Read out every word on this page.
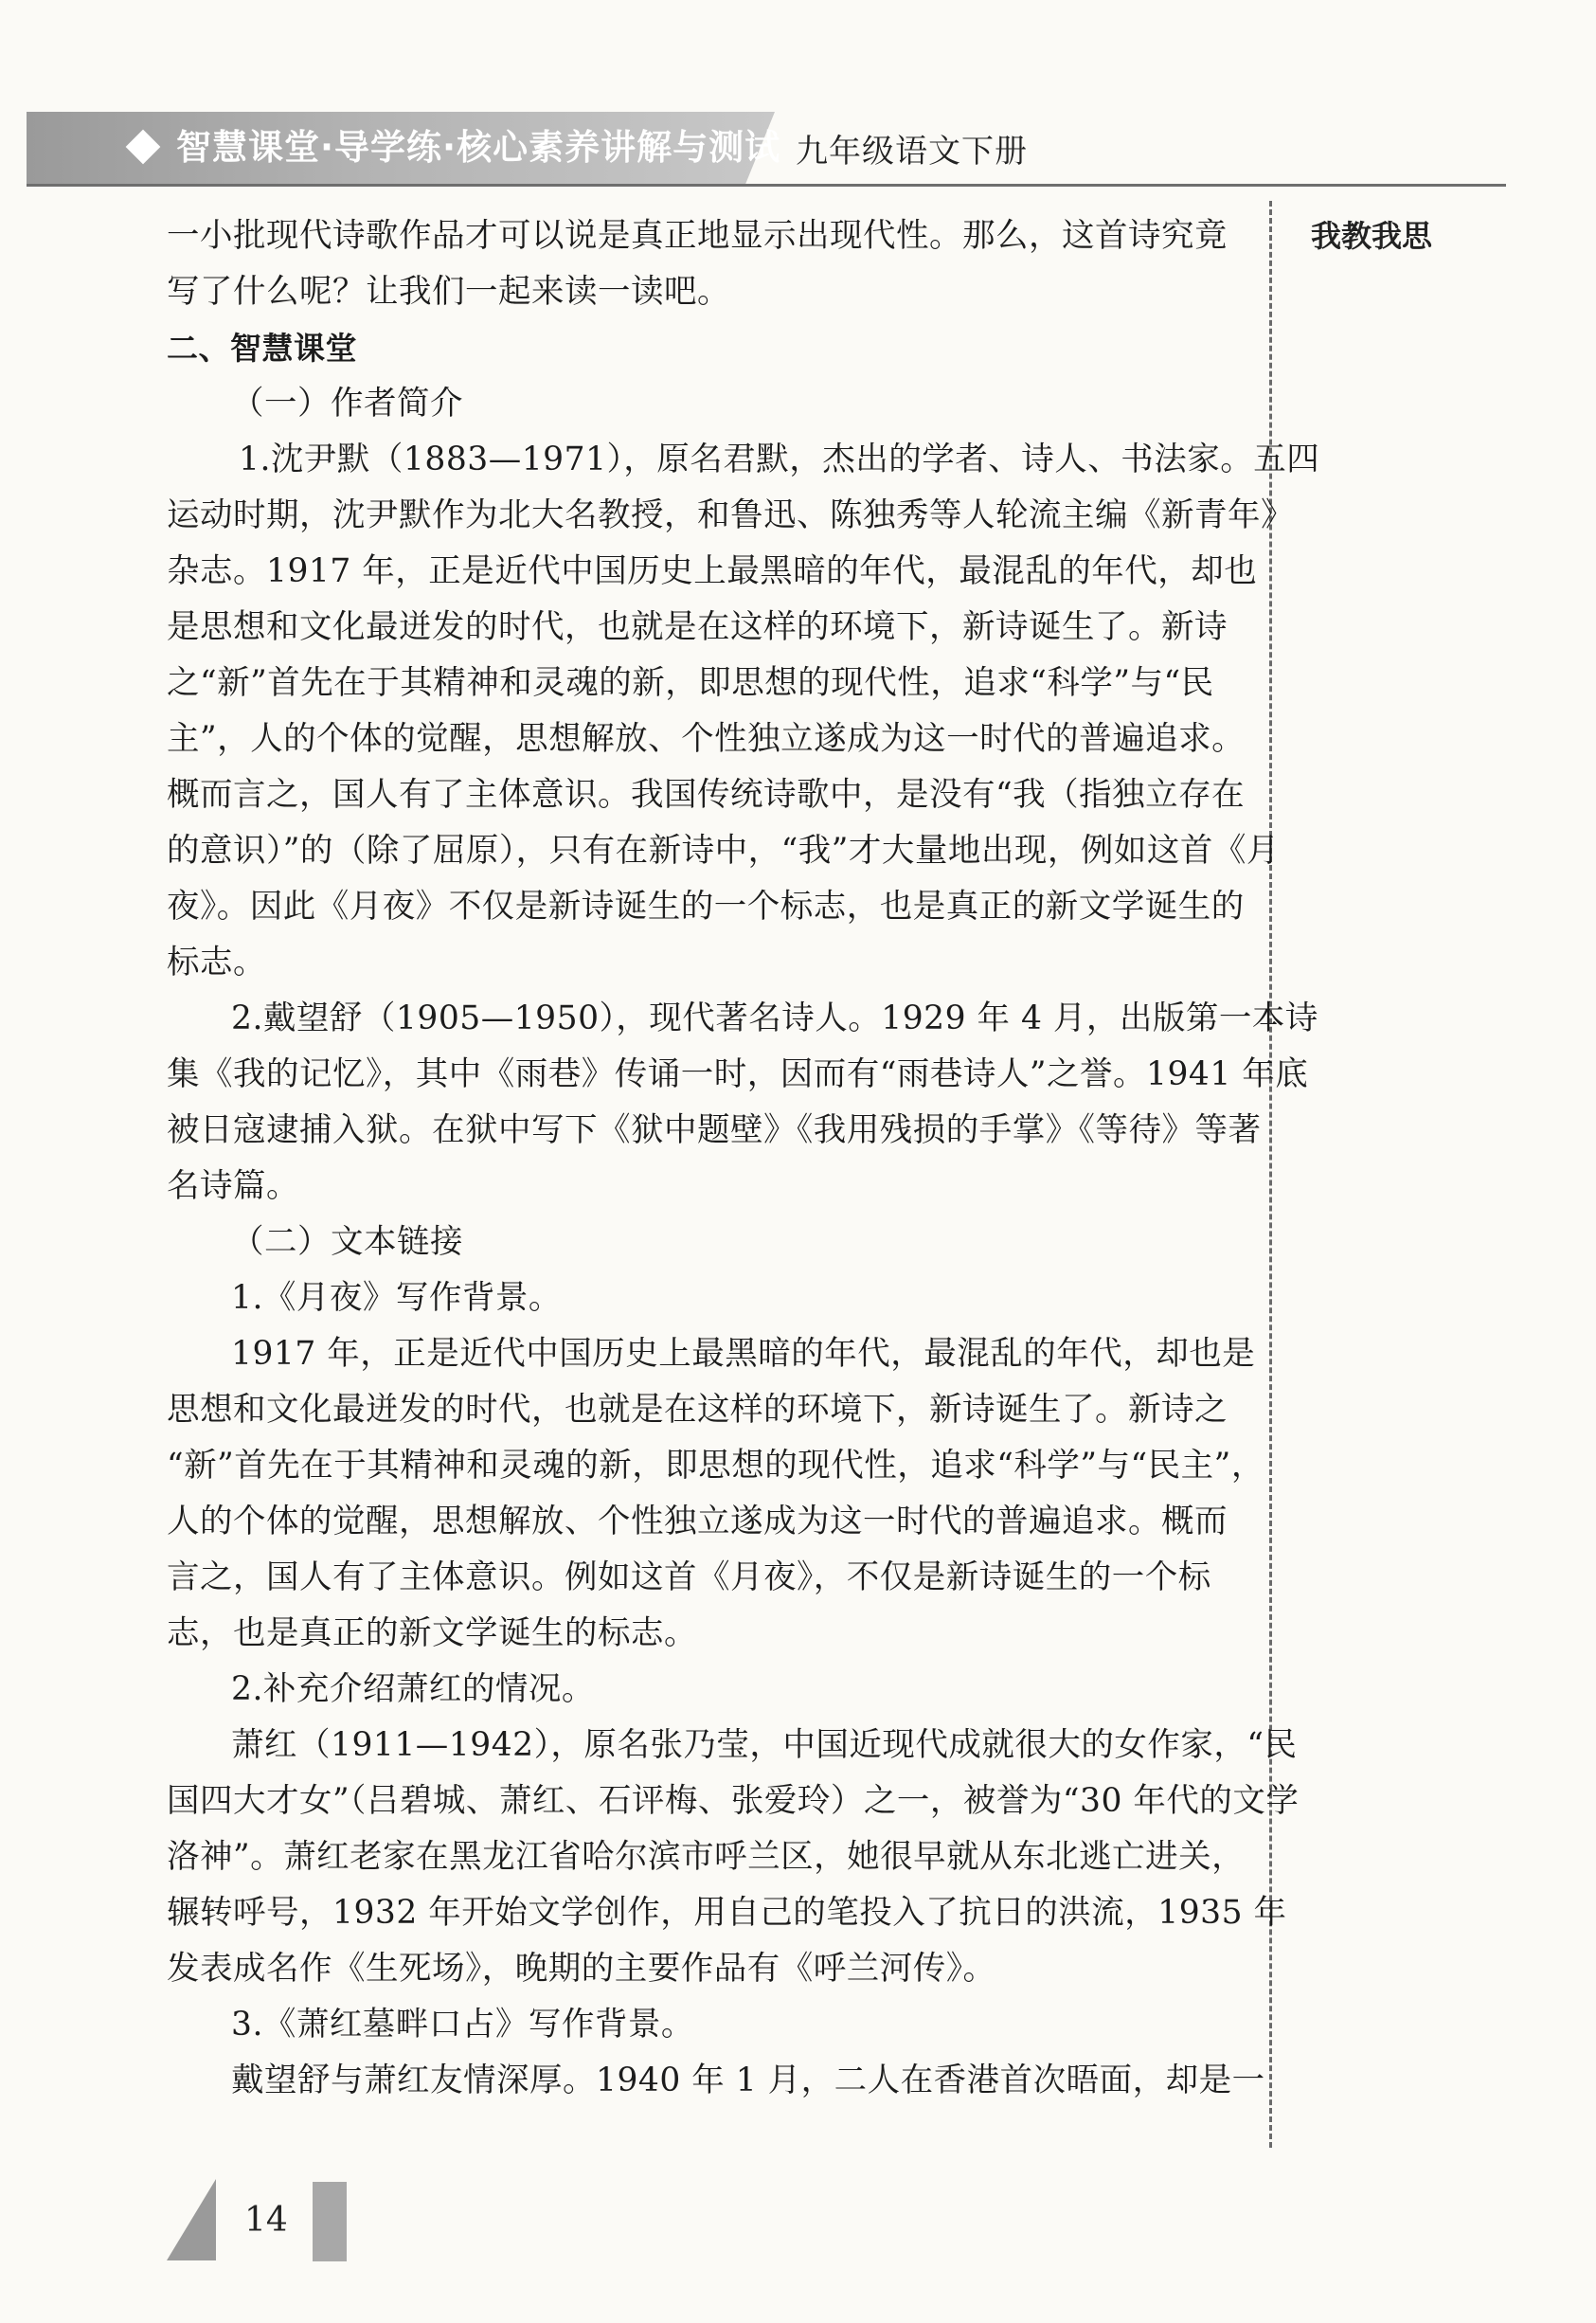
智慧课堂·导学练·核心素养讲解与测试 九年级语文下册
我教我思
一小批现代诗歌作品才可以说是真正地显示出现代性。那么，这首诗究竟
写了什么呢？让我们一起来读一读吧。
二、智慧课堂
（一）作者简介
1.沈尹默（1883—1971），原名君默，杰出的学者、诗人、书法家。五四
运动时期，沈尹默作为北大名教授，和鲁迅、陈独秀等人轮流主编《新青年》
杂志。1917 年，正是近代中国历史上最黑暗的年代，最混乱的年代，却也
是思想和文化最迸发的时代，也就是在这样的环境下，新诗诞生了。新诗
之“新”首先在于其精神和灵魂的新，即思想的现代性，追求“科学”与“民
主”，人的个体的觉醒，思想解放、个性独立遂成为这一时代的普遍追求。
概而言之，国人有了主体意识。我国传统诗歌中，是没有“我（指独立存在
的意识）”的（除了屈原），只有在新诗中，“我”才大量地出现，例如这首《月
夜》。因此《月夜》不仅是新诗诞生的一个标志，也是真正的新文学诞生的
标志。
2.戴望舒（1905—1950），现代著名诗人。1929 年 4 月，出版第一本诗
集《我的记忆》，其中《雨巷》传诵一时，因而有“雨巷诗人”之誉。1941 年底
被日寇逮捕入狱。在狱中写下《狱中题壁》《我用残损的手掌》《等待》等著
名诗篇。
（二）文本链接
1.《月夜》写作背景。
1917 年，正是近代中国历史上最黑暗的年代，最混乱的年代，却也是
思想和文化最迸发的时代，也就是在这样的环境下，新诗诞生了。新诗之
“新”首先在于其精神和灵魂的新，即思想的现代性，追求“科学”与“民主”，
人的个体的觉醒，思想解放、个性独立遂成为这一时代的普遍追求。概而
言之，国人有了主体意识。例如这首《月夜》，不仅是新诗诞生的一个标
志，也是真正的新文学诞生的标志。
2.补充介绍萧红的情况。
萧红（1911—1942），原名张乃莹，中国近现代成就很大的女作家，“民
国四大才女”（吕碧城、萧红、石评梅、张爱玲）之一，被誉为“30 年代的文学
洛神”。萧红老家在黑龙江省哈尔滨市呼兰区，她很早就从东北逃亡进关，
辗转呼号，1932 年开始文学创作，用自己的笔投入了抗日的洪流，1935 年
发表成名作《生死场》，晚期的主要作品有《呼兰河传》。
3.《萧红墓畔口占》写作背景。
戴望舒与萧红友情深厚。1940 年 1 月，二人在香港首次晤面，却是一
14
